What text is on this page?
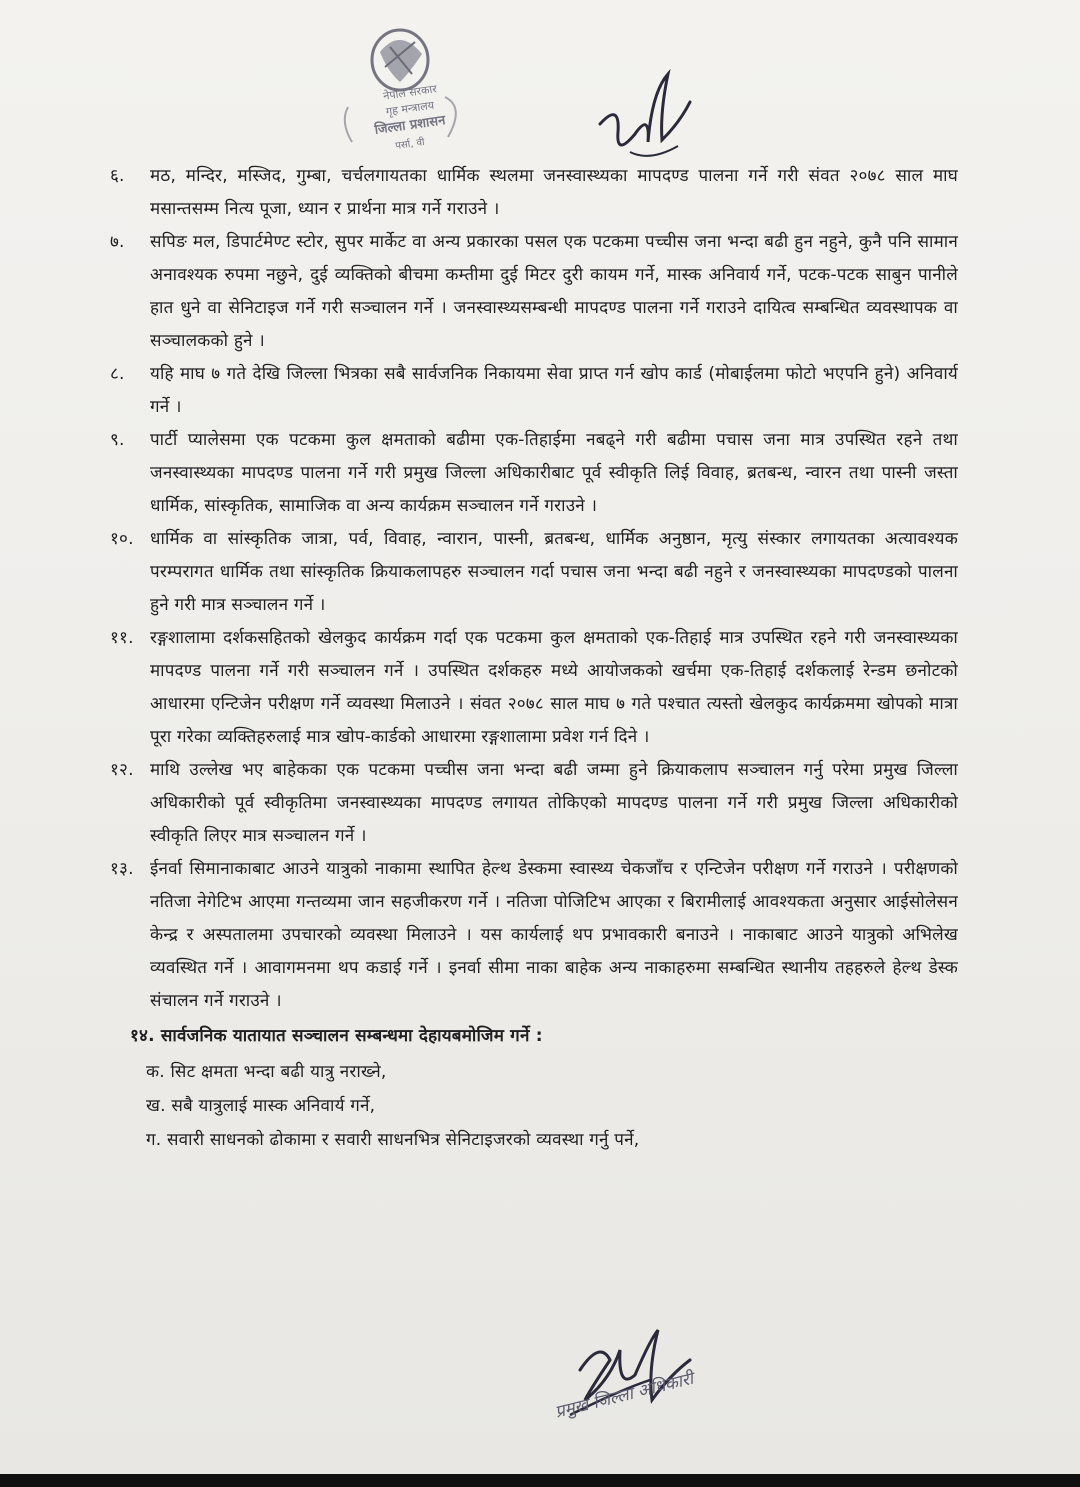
नेपाल सरकार
गृह मन्त्रालय
जिल्ला प्रशासन
पर्सा, वी
६.	मठ, मन्दिर, मस्जिद, गुम्बा, चर्चलगायतका धार्मिक स्थलमा जनस्वास्थ्यका मापदण्ड पालना गर्ने गरी संवत २०७८ साल माघ मसान्तसम्म नित्य पूजा, ध्यान र प्रार्थना मात्र गर्ने गराउने ।
७.	सपिङ मल, डिपार्टमेण्ट स्टोर, सुपर मार्केट वा अन्य प्रकारका पसल एक पटकमा पच्चीस जना भन्दा बढी हुन नहुने, कुनै पनि सामान अनावश्यक रुपमा नछुने, दुई व्यक्तिको बीचमा कम्तीमा दुई मिटर दुरी कायम गर्ने, मास्क अनिवार्य गर्ने, पटक-पटक साबुन पानीले हात धुने वा सेनिटाइज गर्ने गरी सञ्चालन गर्ने । जनस्वास्थ्यसम्बन्धी मापदण्ड पालना गर्ने गराउने दायित्व सम्बन्धित व्यवस्थापक वा सञ्चालकको हुने ।
८.	यहि माघ ७ गते देखि जिल्ला भित्रका सबै सार्वजनिक निकायमा सेवा प्राप्त गर्न खोप कार्ड (मोबाईलमा फोटो भएपनि हुने) अनिवार्य गर्ने ।
९.	पार्टी प्यालेसमा एक पटकमा कुल क्षमताको बढीमा एक-तिहाईमा नबढ्ने गरी बढीमा पचास जना मात्र उपस्थित रहने तथा जनस्वास्थ्यका मापदण्ड पालना गर्ने गरी प्रमुख जिल्ला अधिकारीबाट पूर्व स्वीकृति लिई विवाह, ब्रतबन्ध, न्वारन तथा पास्नी जस्ता धार्मिक, सांस्कृतिक, सामाजिक वा अन्य कार्यक्रम सञ्चालन गर्ने गराउने ।
१०. धार्मिक वा सांस्कृतिक जात्रा, पर्व, विवाह, न्वारान, पास्नी, ब्रतबन्ध, धार्मिक अनुष्ठान, मृत्यु संस्कार लगायतका अत्यावश्यक परम्परागत धार्मिक तथा सांस्कृतिक क्रियाकलापहरु सञ्चालन गर्दा पचास जना भन्दा बढी नहुने र जनस्वास्थ्यका मापदण्डको पालना हुने गरी मात्र सञ्चालन गर्ने ।
११. रङ्गशालामा दर्शकसहितको खेलकुद कार्यक्रम गर्दा एक पटकमा कुल क्षमताको एक-तिहाई मात्र उपस्थित रहने गरी जनस्वास्थ्यका मापदण्ड पालना गर्ने गरी सञ्चालन गर्ने । उपस्थित दर्शकहरु मध्ये आयोजकको खर्चमा एक-तिहाई दर्शकलाई रेन्डम छनोटको आधारमा एन्टिजेन परीक्षण गर्ने व्यवस्था मिलाउने । संवत २०७८ साल माघ ७ गते पश्चात त्यस्तो खेलकुद कार्यक्रममा खोपको मात्रा पूरा गरेका व्यक्तिहरुलाई मात्र खोप-कार्डको आधारमा रङ्गशालामा प्रवेश गर्न दिने ।
१२. माथि उल्लेख भए बाहेकका एक पटकमा पच्चीस जना भन्दा बढी जम्मा हुने क्रियाकलाप सञ्चालन गर्नु परेमा प्रमुख जिल्ला अधिकारीको पूर्व स्वीकृतिमा जनस्वास्थ्यका मापदण्ड लगायत तोकिएको मापदण्ड पालना गर्ने गरी प्रमुख जिल्ला अधिकारीको स्वीकृति लिएर मात्र सञ्चालन गर्ने ।
१३. ईनर्वा सिमानाकाबाट आउने यात्रुको नाकामा स्थापित हेल्थ डेस्कमा स्वास्थ्य चेकजाँच र एन्टिजेन परीक्षण गर्ने गराउने । परीक्षणको नतिजा नेगेटिभ आएमा गन्तव्यमा जान सहजीकरण गर्ने । नतिजा पोजिटिभ आएका र बिरामीलाई आवश्यकता अनुसार आईसोलेसन केन्द्र र अस्पतालमा उपचारको व्यवस्था मिलाउने । यस कार्यलाई थप प्रभावकारी बनाउने । नाकाबाट आउने यात्रुको अभिलेख व्यवस्थित गर्ने । आवागमनमा थप कडाई गर्ने । इनर्वा सीमा नाका बाहेक अन्य नाकाहरुमा सम्बन्धित स्थानीय तहहरुले हेल्थ डेस्क संचालन गर्ने गराउने ।
१४. सार्वजनिक यातायात सञ्चालन सम्बन्धमा देहायबमोजिम गर्ने :
क. सिट क्षमता भन्दा बढी यात्रु नराख्ने,
ख. सबै यात्रुलाई मास्क अनिवार्य गर्ने,
ग. सवारी साधनको ढोकामा र सवारी साधनभित्र सेनिटाइजरको व्यवस्था गर्नु पर्ने,
प्रमुख जिल्ला अधिकारी
